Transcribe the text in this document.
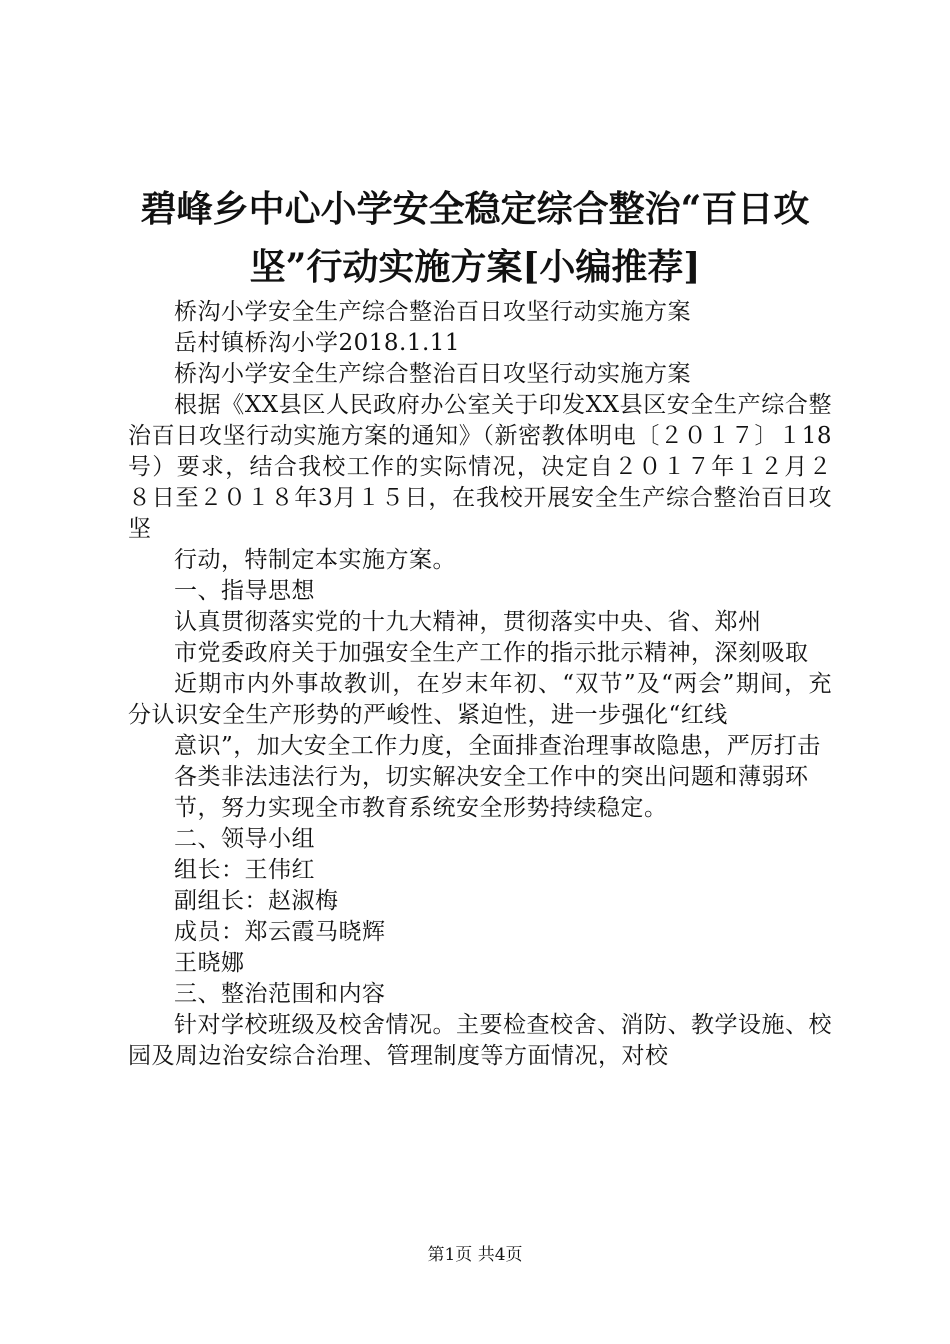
碧峰乡中心小学安全稳定综合整治“百日攻
坚”行动实施方案[小编推荐]

桥沟小学安全生产综合整治百日攻坚行动实施方案

岳村镇桥沟小学2018.1.11

桥沟小学安全生产综合整治百日攻坚行动实施方案

根据《XX县区人民政府办公室关于印发XX县区安全生产综合整治百日攻坚行动实施方案的通知》（新密教体明电〔２０１７〕１18号）要求，结合我校工作的实际情况，决定自２０１７年１２月２８日至２０１８年3月１５日，在我校开展安全生产综合整治百日攻坚

行动，特制定本实施方案。

一、指导思想

认真贯彻落实党的十九大精神，贯彻落实中央、省、郑州

市党委政府关于加强安全生产工作的指示批示精神，深刻吸取

近期市内外事故教训，在岁末年初、“双节”及“两会”期间，充分认识安全生产形势的严峻性、紧迫性，进一步强化“红线

意识”，加大安全工作力度，全面排查治理事故隐患，严厉打击

各类非法违法行为，切实解决安全工作中的突出问题和薄弱环

节，努力实现全市教育系统安全形势持续稳定。

二、领导小组

组长：王伟红

副组长：赵淑梅

成员：郑云霞马晓辉

王晓娜

三、整治范围和内容

针对学校班级及校舍情况。主要检查校舍、消防、教学设施、校园及周边治安综合治理、管理制度等方面情况，对校

第1页 共4页
